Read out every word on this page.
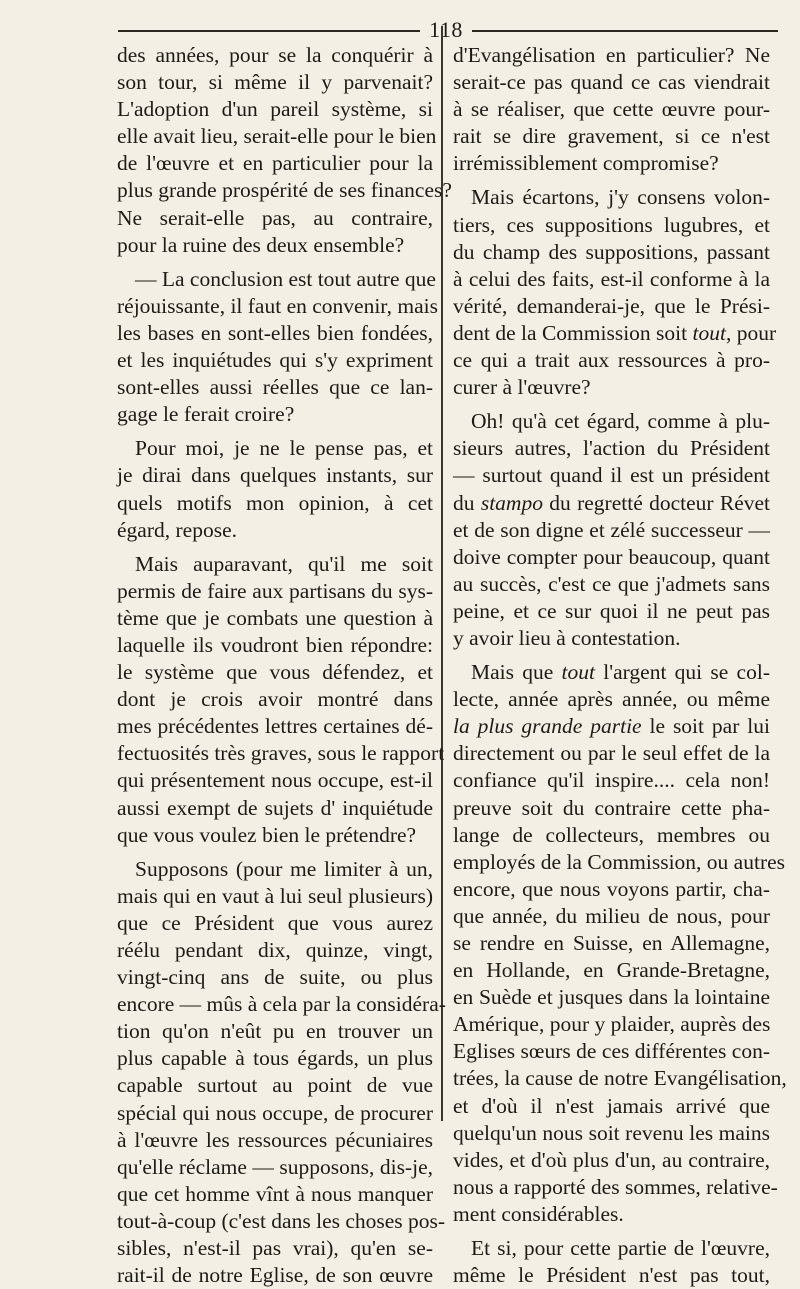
118
des années, pour se la conquérir à
son tour, si même il y parvenait?
L'adoption d'un pareil système, si
elle avait lieu, serait-elle pour le bien
de l'œuvre et en particulier pour la
plus grande prospérité de ses finances?
Ne serait-elle pas, au contraire,
pour la ruine des deux ensemble?
— La conclusion est tout autre que
réjouissante, il faut en convenir, mais
les bases en sont-elles bien fondées,
et les inquiétudes qui s'y expriment
sont-elles aussi réelles que ce lan-
gage le ferait croire?
Pour moi, je ne le pense pas, et
je dirai dans quelques instants, sur
quels motifs mon opinion, à cet
égard, repose.
Mais auparavant, qu'il me soit
permis de faire aux partisans du sys-
tème que je combats une question à
laquelle ils voudront bien répondre:
le système que vous défendez, et
dont je crois avoir montré dans
mes précédentes lettres certaines dé-
fectuosités très graves, sous le rapport
qui présentement nous occupe, est-il
aussi exempt de sujets d' inquiétude
que vous voulez bien le prétendre?
Supposons (pour me limiter à un,
mais qui en vaut à lui seul plusieurs)
que ce Président que vous aurez
réélu pendant dix, quinze, vingt,
vingt-cinq ans de suite, ou plus
encore — mûs à cela par la considéra-
tion qu'on n'eût pu en trouver un
plus capable à tous égards, un plus
capable surtout au point de vue
spécial qui nous occupe, de procurer
à l'œuvre les ressources pécuniaires
qu'elle réclame — supposons, dis-je,
que cet homme vînt à nous manquer
tout-à-coup (c'est dans les choses pos-
sibles, n'est-il pas vrai), qu'en se-
rait-il de notre Eglise, de son œuvre
d'Evangélisation en particulier? Ne
serait-ce pas quand ce cas viendrait
à se réaliser, que cette œuvre pour-
rait se dire gravement, si ce n'est
irrémissiblement compromise?
Mais écartons, j'y consens volon-
tiers, ces suppositions lugubres, et
du champ des suppositions, passant
à celui des faits, est-il conforme à la
vérité, demanderai-je, que le Prési-
dent de la Commission soit tout, pour
ce qui a trait aux ressources à pro-
curer à l'œuvre?
Oh! qu'à cet égard, comme à plu-
sieurs autres, l'action du Président
— surtout quand il est un président
du stampo du regretté docteur Révet
et de son digne et zélé successeur —
doive compter pour beaucoup, quant
au succès, c'est ce que j'admets sans
peine, et ce sur quoi il ne peut pas
y avoir lieu à contestation.
Mais que tout l'argent qui se col-
lecte, année après année, ou même
la plus grande partie le soit par lui
directement ou par le seul effet de la
confiance qu'il inspire.... cela non!
preuve soit du contraire cette pha-
lange de collecteurs, membres ou
employés de la Commission, ou autres
encore, que nous voyons partir, cha-
que année, du milieu de nous, pour
se rendre en Suisse, en Allemagne,
en Hollande, en Grande-Bretagne,
en Suède et jusques dans la lointaine
Amérique, pour y plaider, auprès des
Eglises sœurs de ces différentes con-
trées, la cause de notre Evangélisation,
et d'où il n'est jamais arrivé que
quelqu'un nous soit revenu les mains
vides, et d'où plus d'un, au contraire,
nous a rapporté des sommes, relative-
ment considérables.
Et si, pour cette partie de l'œuvre,
même le Président n'est pas tout,
